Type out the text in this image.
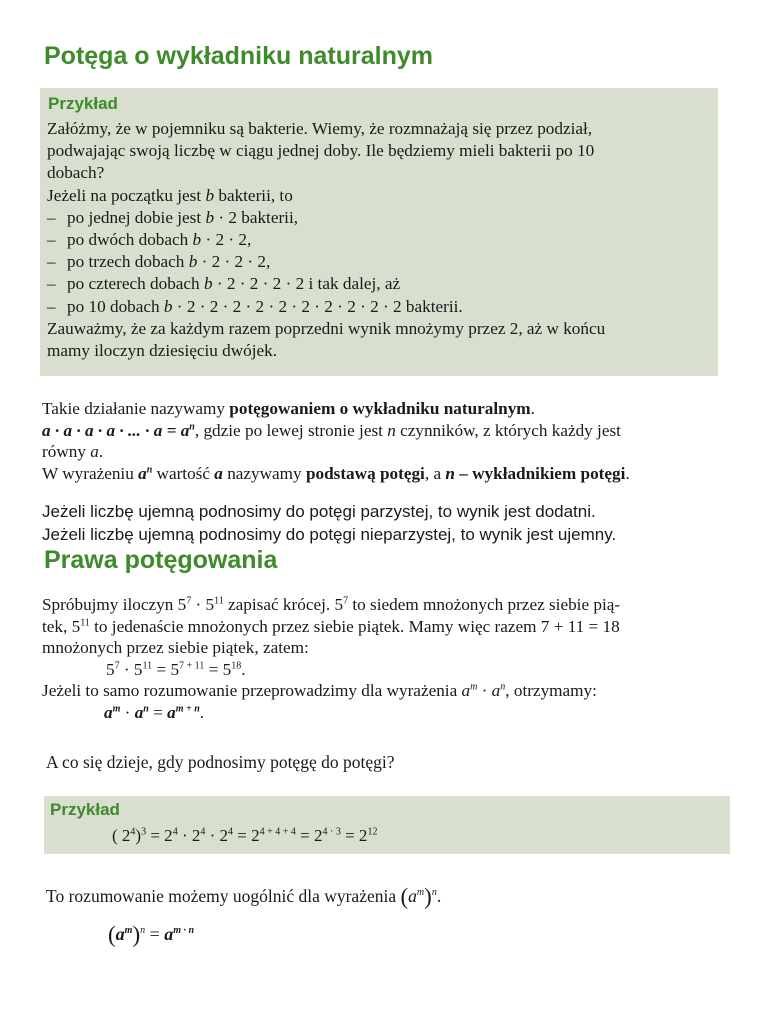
Potęga o wykładniku naturalnym
Przykład
Załóżmy, że w pojemniku są bakterie. Wiemy, że rozmnażają się przez podział,
podwajając swoją liczbę w ciągu jednej doby. Ile będziemy mieli bakterii po 10
dobach?
Jeżeli na początku jest b bakterii, to
– po jednej dobie jest b · 2 bakterii,
– po dwóch dobach b · 2 · 2,
– po trzech dobach b · 2 · 2 · 2,
– po czterech dobach b · 2 · 2 · 2 · 2 i tak dalej, aż
– po 10 dobach b · 2 · 2 · 2 · 2 · 2 · 2 · 2 · 2 · 2 · 2 bakterii.
Zauważmy, że za każdym razem poprzedni wynik mnożymy przez 2, aż w końcu
mamy iloczyn dziesięciu dwójek.
Takie działanie nazywamy potęgowaniem o wykładniku naturalnym.
a · a · a · a · ... · $a = a^n$, gdzie po lewej stronie jest n czynników, z których każdy jest
równy a.
W wyrażeniu $a^n$ wartość a nazywamy podstawą potęgi, a n – wykładnikiem potęgi.
Jeżeli liczbę ujemną podnosimy do potęgi parzystej, to wynik jest dodatni.
Jeżeli liczbę ujemną podnosimy do potęgi nieparzystej, to wynik jest ujemny.
Prawa potęgowania
Spróbujmy iloczyn $5^7 \cdot 5^{11}$ zapisać krócej. $5^7$ to siedem mnożonych przez siebie pią-
tek, $5^{11}$ to jedenaście mnożonych przez siebie piątek. Mamy więc razem 7 + 11 = 18
mnożonych przez siebie piątek, zatem:
$5^7 \cdot 5^{11} = 5^{7 + 11} = 5^{18}$.
Jeżeli to samo rozumowanie przeprowadzimy dla wyrażenia $a^m \cdot a^n$, otrzymamy:
$a^m \cdot a^n = a^{m + n}$.
A co się dzieje, gdy podnosimy potęgę do potęgi?
Przykład
( $2^4)^3 = 2^4 \cdot 2^4 \cdot 2^4 = 2^{4 + 4 + 4} = 2^{4 \cdot 3} = 2^{12}$
To rozumowanie możemy uogólnić dla wyrażenia $(a^m)^n$.
$(a^m)^n = a^{m \cdot n}$
